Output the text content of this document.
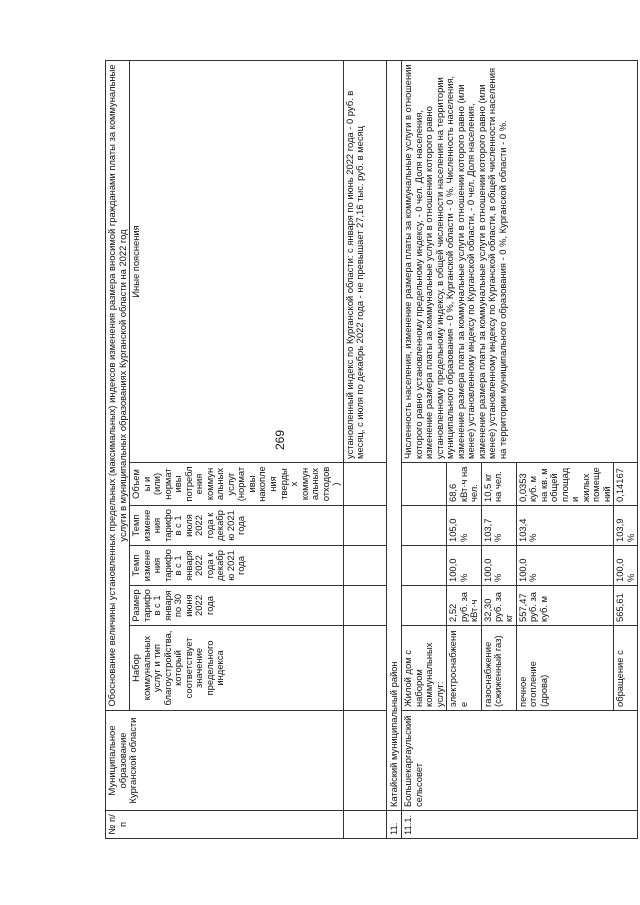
269
№ п/п	Муниципальное образование Курганской области	Обоснование величины установленных предельных (максимальных) индексов изменения размера вносимой гражданами платы за коммунальные услуги в муниципальных образованиях Курганской области на 2022 год					
		Набор коммунальных услуг и тип благоустройства, который соответствует значение предельного индекса	Размер тарифов с 1 января по 30 июня 2022 года	Темп изменения тарифов с 1 января 2022 года к декабрю 2021 года	Темп изменения тарифов с 1 июля 2022 года к декабрю 2021 года	Объемы и (или) нормативы потребления коммунальных услуг (нормативы накопления твердых коммунальных отходов)	Иные пояснения
							установленный индекс по Курганской области: с января по июнь 2022 года - 0 руб. в месяц, с июля по декабрь 2022 года - не превышает 27,16 тыс. руб. в месяц
11.	Катайский муниципальный район						
11.1.	Большекаргаульский сельсовет	Жилой дом с набором коммунальных услуг:					Численность населения, изменение размера платы за коммунальные услуги в отношении которого равно установленному предельному индексу, - 0 чел. Доля населения, изменение размера платы за коммунальные услуги в отношении которого равно установленному предельному индексу, в общей численности населения на территории муниципального образования - 0 %, Курганской области - 0 %. Численность населения, изменение размера платы за коммунальные услуги в отношении которого равно (или менее) установленному индексу по Курганской области, - 0 чел. Доля населения, изменение размера платы за коммунальные услуги в отношении которого равно (или менее) установленному индексу по Курганской области, в общей численности населения на территории муниципального образования - 0 %, Курганской области - 0 %.
		электроснабжение	2,52 руб. за кВт·ч	100,0 %	105,0 %	68,6 кВт·ч на чел.	
		газоснабжение (сжиженный газ)	32,30 руб. за кг	100,0 %	103,7 %	10,5 кг на чел.	
		печное отопление (дрова)	557,47 руб. за куб. м	100,0 %	103,4 %	0,0353 куб. м на кв. м общей площади жилых помещений	
		обращение с	565,61	100,0 %	103,9 %	0,14167	
